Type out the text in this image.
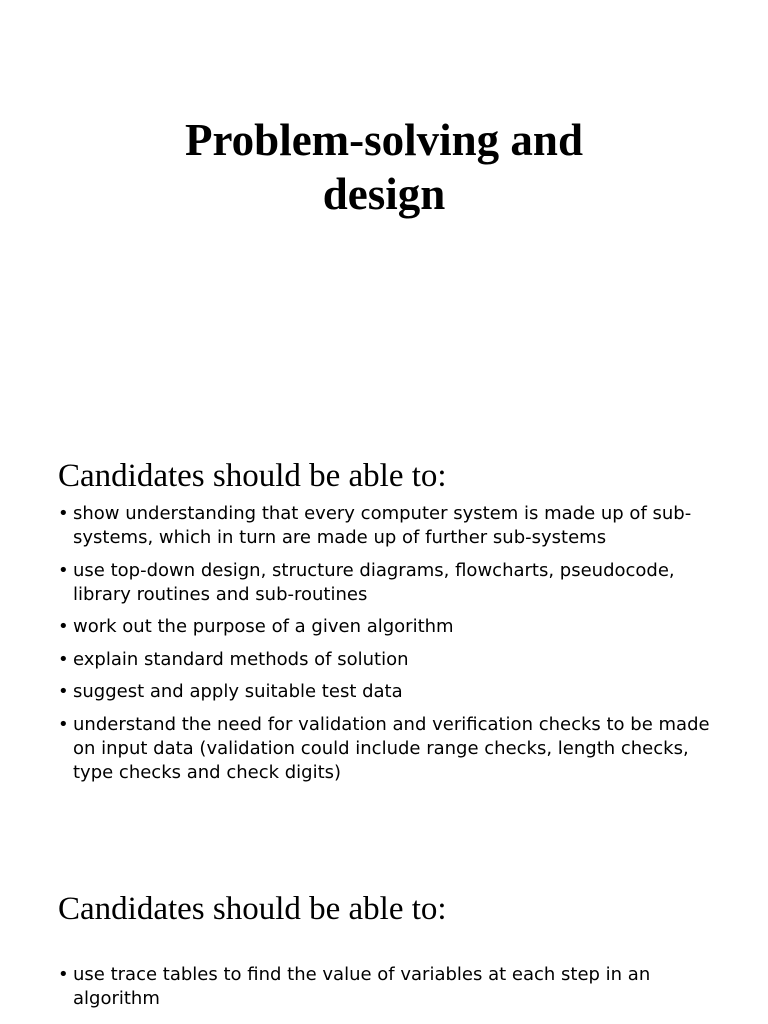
Problem-solving and
design
Candidates should be able to:
• show understanding that every computer system is made up of sub-systems, which in turn are made up of further sub-systems
• use top-down design, structure diagrams, flowcharts, pseudocode, library routines and sub-routines
• work out the purpose of a given algorithm
• explain standard methods of solution
• suggest and apply suitable test data
• understand the need for validation and verification checks to be made on input data (validation could include range checks, length checks, type checks and check digits)
Candidates should be able to:
• use trace tables to find the value of variables at each step in an algorithm
